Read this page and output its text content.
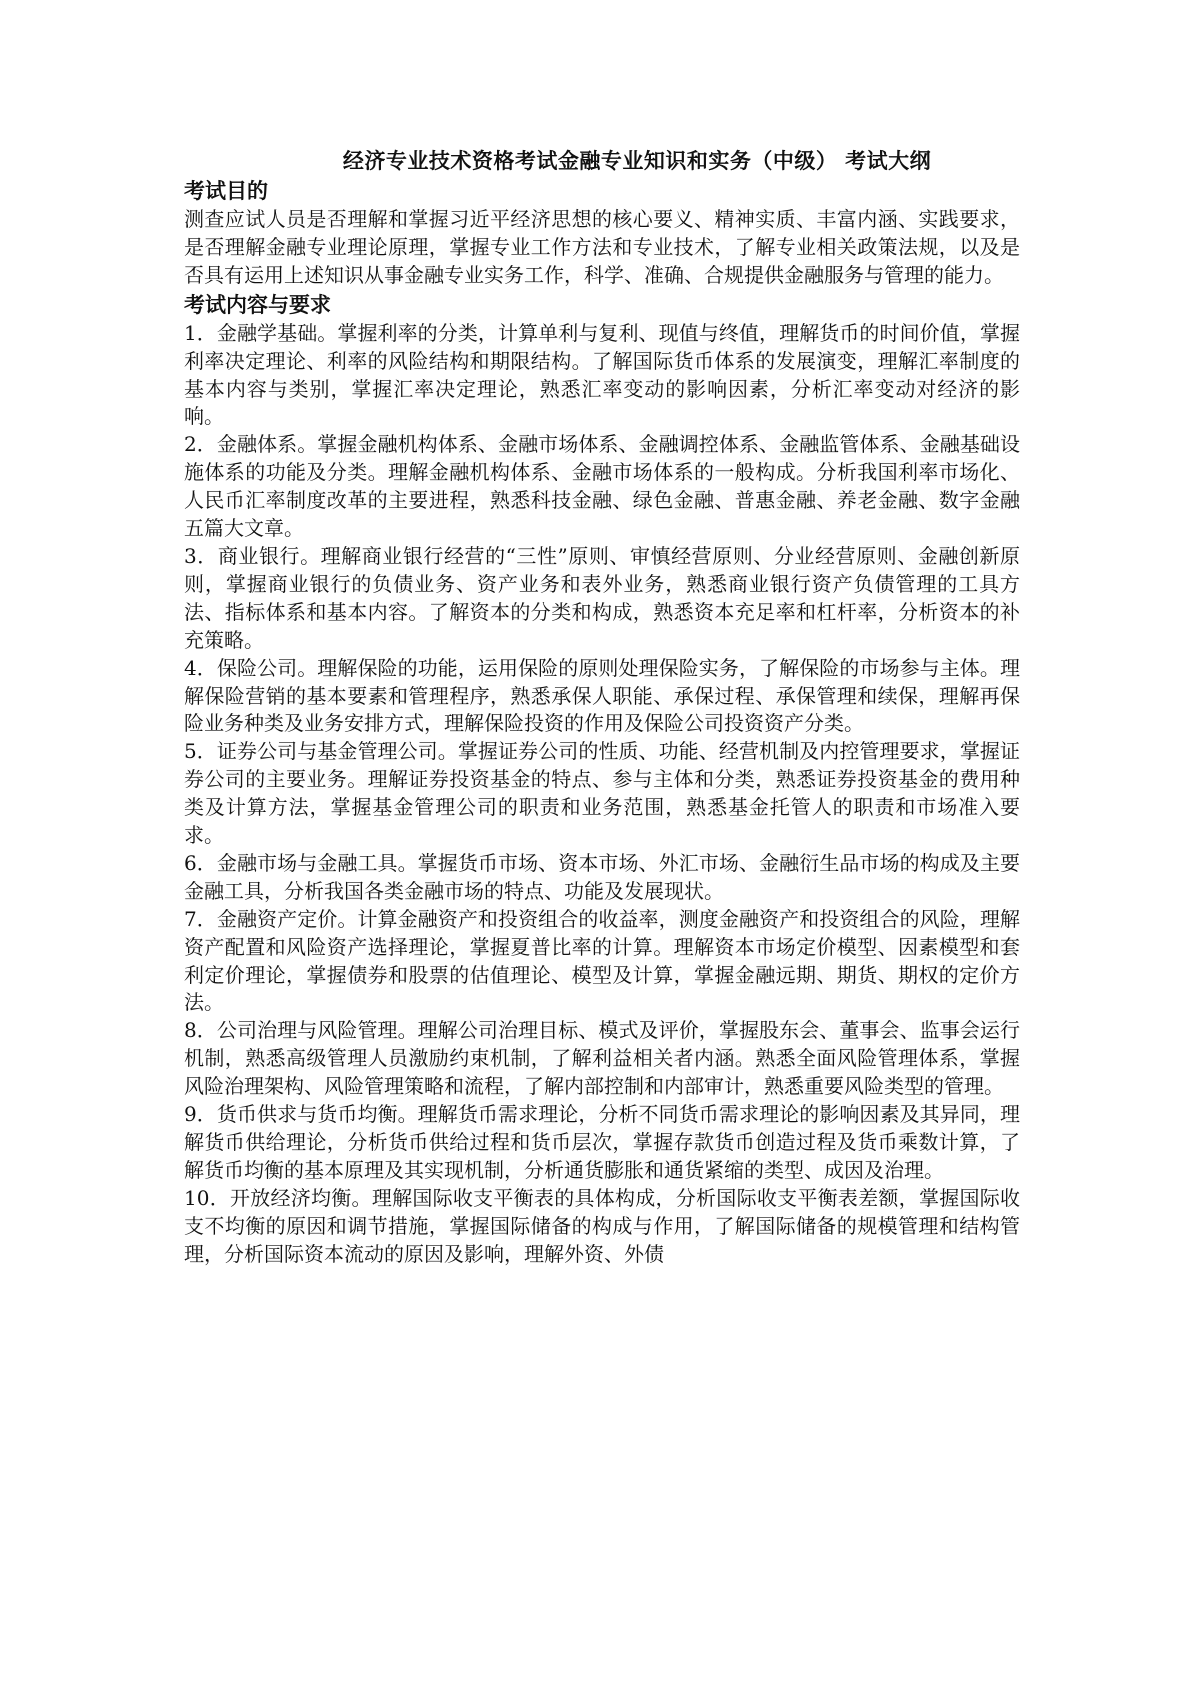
经济专业技术资格考试金融专业知识和实务（中级） 考试大纲
考试目的

测查应试人员是否理解和掌握习近平经济思想的核心要义、精神实质、丰富内涵、实践要求，是否理解金融专业理论原理，掌握专业工作方法和专业技术，了解专业相关政策法规，以及是否具有运用上述知识从事金融专业实务工作，科学、准确、合规提供金融服务与管理的能力。

考试内容与要求

1．金融学基础。掌握利率的分类，计算单利与复利、现值与终值，理解货币的时间价值，掌握利率决定理论、利率的风险结构和期限结构。了解国际货币体系的发展演变，理解汇率制度的基本内容与类别，掌握汇率决定理论，熟悉汇率变动的影响因素，分析汇率变动对经济的影响。

2．金融体系。掌握金融机构体系、金融市场体系、金融调控体系、金融监管体系、金融基础设施体系的功能及分类。理解金融机构体系、金融市场体系的一般构成。分析我国利率市场化、人民币汇率制度改革的主要进程，熟悉科技金融、绿色金融、普惠金融、养老金融、数字金融五篇大文章。

3．商业银行。理解商业银行经营的“三性”原则、审慎经营原则、分业经营原则、金融创新原则，掌握商业银行的负债业务、资产业务和表外业务，熟悉商业银行资产负债管理的工具方法、指标体系和基本内容。了解资本的分类和构成，熟悉资本充足率和杠杆率，分析资本的补充策略。

4．保险公司。理解保险的功能，运用保险的原则处理保险实务，了解保险的市场参与主体。理解保险营销的基本要素和管理程序，熟悉承保人职能、承保过程、承保管理和续保，理解再保险业务种类及业务安排方式，理解保险投资的作用及保险公司投资资产分类。

5．证券公司与基金管理公司。掌握证券公司的性质、功能、经营机制及内控管理要求，掌握证券公司的主要业务。理解证券投资基金的特点、参与主体和分类，熟悉证券投资基金的费用种类及计算方法，掌握基金管理公司的职责和业务范围，熟悉基金托管人的职责和市场准入要求。

6．金融市场与金融工具。掌握货币市场、资本市场、外汇市场、金融衍生品市场的构成及主要金融工具，分析我国各类金融市场的特点、功能及发展现状。

7．金融资产定价。计算金融资产和投资组合的收益率，测度金融资产和投资组合的风险，理解资产配置和风险资产选择理论，掌握夏普比率的计算。理解资本市场定价模型、因素模型和套利定价理论，掌握债券和股票的估值理论、模型及计算，掌握金融远期、期货、期权的定价方法。

8．公司治理与风险管理。理解公司治理目标、模式及评价，掌握股东会、董事会、监事会运行机制，熟悉高级管理人员激励约束机制，了解利益相关者内涵。熟悉全面风险管理体系，掌握风险治理架构、风险管理策略和流程，了解内部控制和内部审计，熟悉重要风险类型的管理。

9．货币供求与货币均衡。理解货币需求理论，分析不同货币需求理论的影响因素及其异同，理解货币供给理论，分析货币供给过程和货币层次，掌握存款货币创造过程及货币乘数计算，了解货币均衡的基本原理及其实现机制，分析通货膨胀和通货紧缩的类型、成因及治理。

10．开放经济均衡。理解国际收支平衡表的具体构成，分析国际收支平衡表差额，掌握国际收支不均衡的原因和调节措施，掌握国际储备的构成与作用，了解国际储备的规模管理和结构管理，分析国际资本流动的原因及影响，理解外资、外债
